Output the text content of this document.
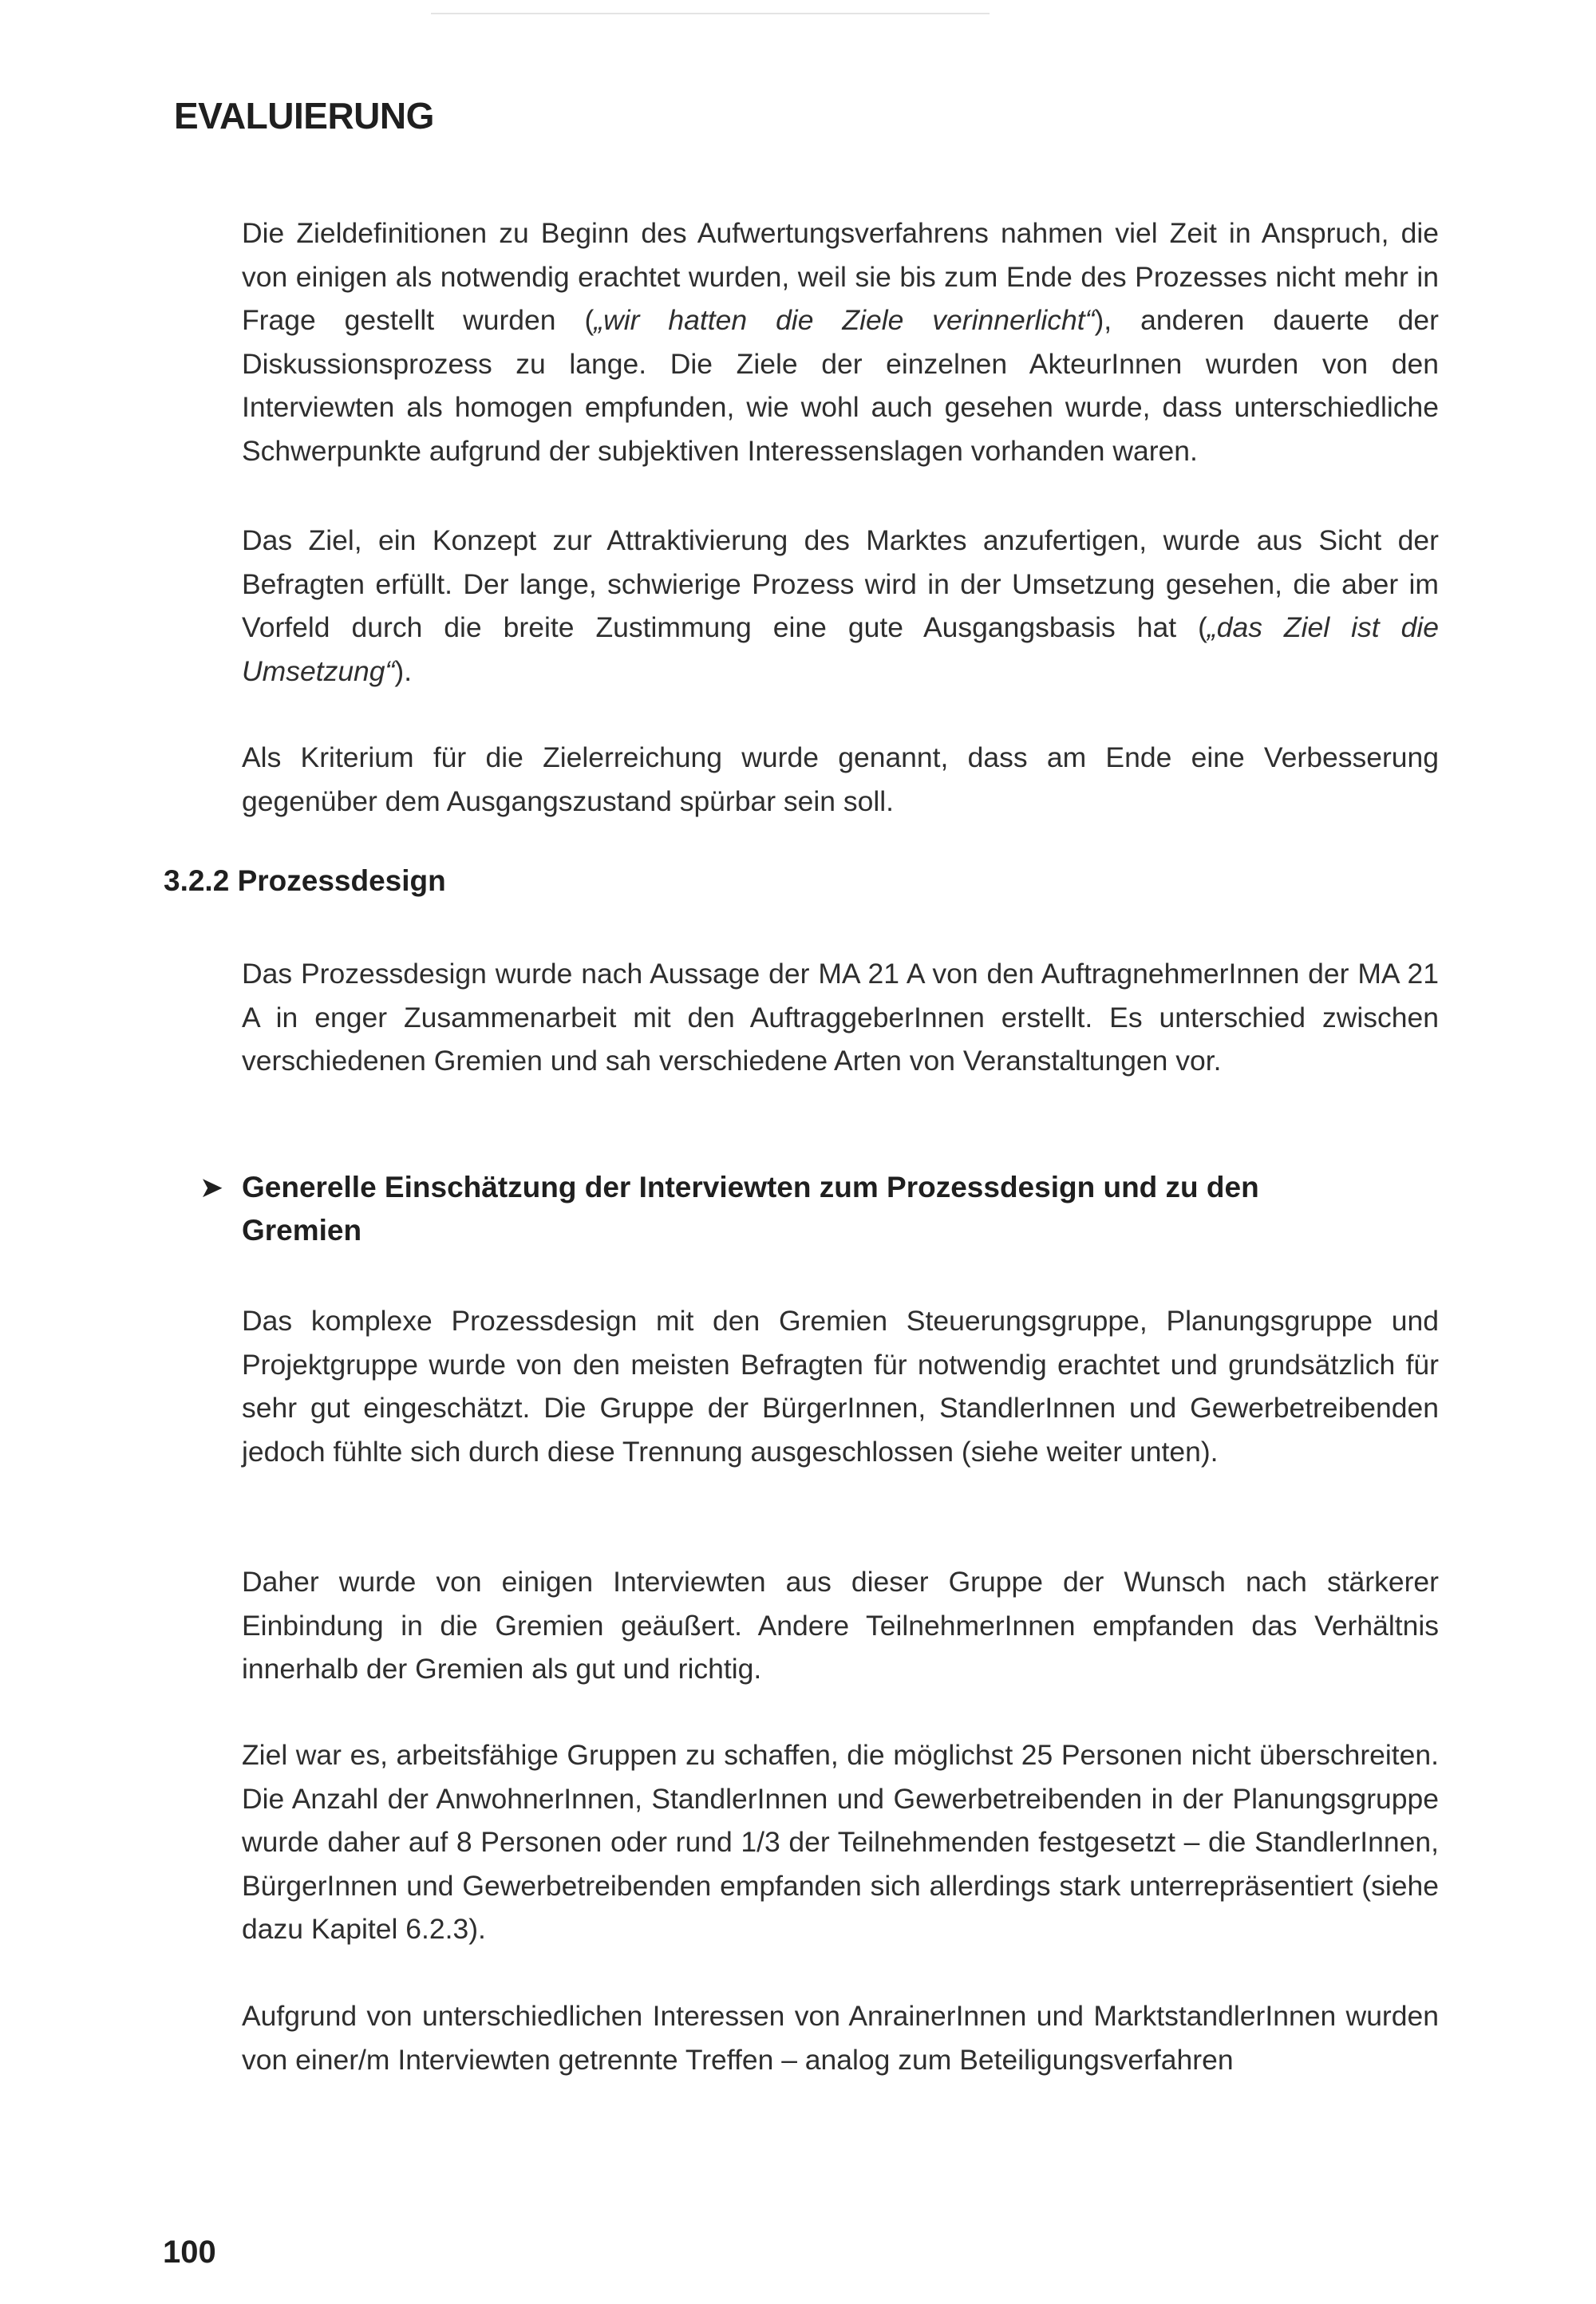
EVALUIERUNG

Die Zieldefinitionen zu Beginn des Aufwertungsverfahrens nahmen viel Zeit in Anspruch, die von einigen als notwendig erachtet wurden, weil sie bis zum Ende des Prozesses nicht mehr in Frage gestellt wurden („wir hatten die Ziele verinnerlicht“), anderen dauerte der Diskussionsprozess zu lange. Die Ziele der einzelnen AkteurInnen wurden von den Interviewten als homogen empfunden, wie wohl auch gesehen wurde, dass unterschiedliche Schwerpunkte aufgrund der subjektiven Interessenslagen vorhanden waren.

Das Ziel, ein Konzept zur Attraktivierung des Marktes anzufertigen, wurde aus Sicht der Befragten erfüllt. Der lange, schwierige Prozess wird in der Umsetzung gesehen, die aber im Vorfeld durch die breite Zustimmung eine gute Ausgangsbasis hat („das Ziel ist die Umsetzung“).

Als Kriterium für die Zielerreichung wurde genannt, dass am Ende eine Verbesserung gegenüber dem Ausgangszustand spürbar sein soll.

3.2.2 Prozessdesign

Das Prozessdesign wurde nach Aussage der MA 21 A von den AuftragnehmerInnen der MA 21 A in enger Zusammenarbeit mit den AuftraggeberInnen erstellt. Es unterschied zwischen verschiedenen Gremien und sah verschiedene Arten von Veranstaltungen vor.

➤ Generelle Einschätzung der Interviewten zum Prozessdesign und zu den Gremien

Das komplexe Prozessdesign mit den Gremien Steuerungsgruppe, Planungsgruppe und Projektgruppe wurde von den meisten Befragten für notwendig erachtet und grundsätzlich für sehr gut eingeschätzt. Die Gruppe der BürgerInnen, StandlerInnen und Gewerbetreibenden jedoch fühlte sich durch diese Trennung ausgeschlossen (siehe weiter unten).

Daher wurde von einigen Interviewten aus dieser Gruppe der Wunsch nach stärkerer Einbindung in die Gremien geäußert. Andere TeilnehmerInnen empfanden das Verhältnis innerhalb der Gremien als gut und richtig.

Ziel war es, arbeitsfähige Gruppen zu schaffen, die möglichst 25 Personen nicht überschreiten. Die Anzahl der AnwohnerInnen, StandlerInnen und Gewerbetreibenden in der Planungsgruppe wurde daher auf 8 Personen oder rund 1/3 der Teilnehmenden festgesetzt – die StandlerInnen, BürgerInnen und Gewerbetreibenden empfanden sich allerdings stark unterrepräsentiert (siehe dazu Kapitel 6.2.3).

Aufgrund von unterschiedlichen Interessen von AnrainerInnen und MarktstandlerInnen wurden von einer/m Interviewten getrennte Treffen – analog zum Beteiligungsverfahren

100
